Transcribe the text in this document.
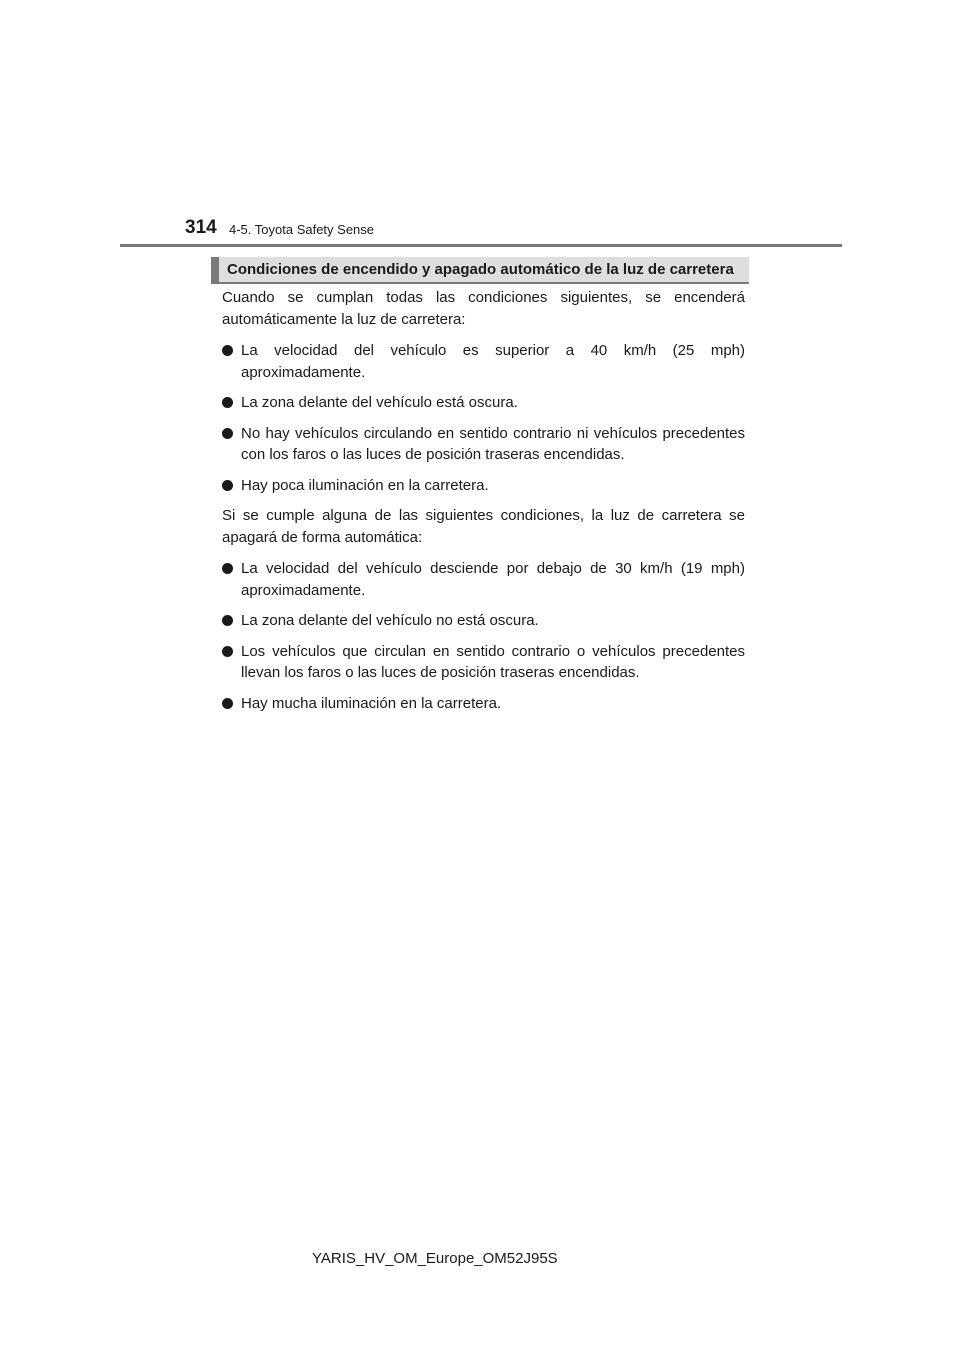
314 4-5. Toyota Safety Sense
Condiciones de encendido y apagado automático de la luz de carretera

Cuando se cumplan todas las condiciones siguientes, se encenderá automáticamente la luz de carretera:

La velocidad del vehículo es superior a 40 km/h (25 mph) aproximadamente.
La zona delante del vehículo está oscura.
No hay vehículos circulando en sentido contrario ni vehículos precedentes con los faros o las luces de posición traseras encendidas.
Hay poca iluminación en la carretera.

Si se cumple alguna de las siguientes condiciones, la luz de carretera se apagará de forma automática:

La velocidad del vehículo desciende por debajo de 30 km/h (19 mph) aproximadamente.
La zona delante del vehículo no está oscura.
Los vehículos que circulan en sentido contrario o vehículos precedentes llevan los faros o las luces de posición traseras encendidas.
Hay mucha iluminación en la carretera.
YARIS_HV_OM_Europe_OM52J95S
